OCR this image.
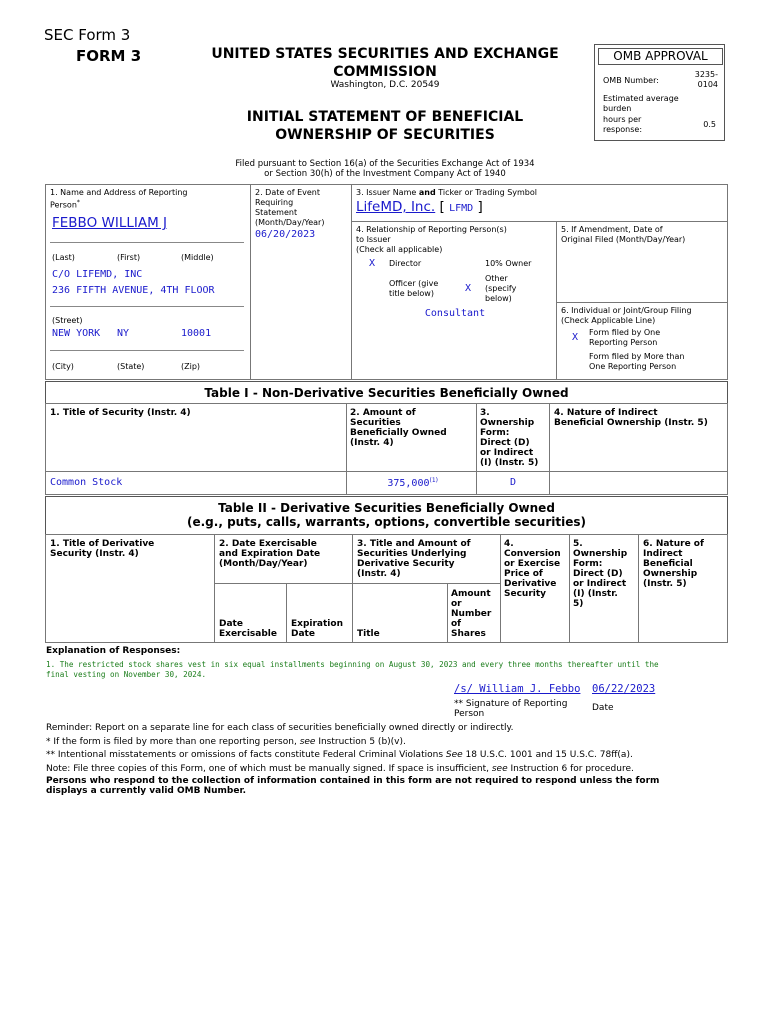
SEC Form 3
FORM 3	UNITED STATES SECURITIES AND EXCHANGE
COMMISSION
Washington, D.C. 20549
INITIAL STATEMENT OF BENEFICIAL
OWNERSHIP OF SECURITIES
OMB APPROVAL
OMB Number:
3235-
0104
Estimated average
burden
hours per
response:
0.5
Filed pursuant to Section 16(a) of the Securities Exchange Act of 1934
or Section 30(h) of the Investment Company Act of 1940
1. Name and Address of Reporting
Person*
FEBBO WILLIAM J
(Last)	(First)	(Middle)
C/O LIFEMD, INC
236 FIFTH AVENUE, 4TH FLOOR
(Street)
NEW YORK NY	10001
(City)	(State)	(Zip)
2. Date of Event
Requiring
Statement
(Month/Day/Year)
06/20/2023
3. Issuer Name and Ticker or Trading Symbol
LifeMD, Inc. [ LFMD ]
4. Relationship of Reporting Person(s)
to Issuer
(Check all applicable)
X Director	10% Owner
Officer (give
title below)	X
Other
(specify
below)
Consultant
5. If Amendment, Date of
Original Filed (Month/Day/Year)
6. Individual or Joint/Group Filing
(Check Applicable Line)
X Form filed by One
Reporting Person
Form filed by More than
One Reporting Person
Table I - Non-Derivative Securities Beneficially Owned
1. Title of Security (Instr. 4)	2. Amount of
Securities
Beneficially Owned
(Instr. 4)
3.
Ownership
Form:
Direct (D)
or Indirect
(I) (Instr. 5)
4. Nature of Indirect
Beneficial Ownership (Instr. 5)
Common Stock	375,000$^{(1)}$	D
Table II - Derivative Securities Beneficially Owned
(e.g., puts, calls, warrants, options, convertible securities)
1. Title of Derivative
Security (Instr. 4)
2. Date Exercisable
and Expiration Date
(Month/Day/Year)
Date
Exercisable
Expiration
Date
3. Title and Amount of
Securities Underlying
Derivative Security
(Instr. 4)
Title
Amount
or
Number
of
Shares
4.
Conversion
or Exercise
Price of
Derivative
Security
5.
Ownership
Form:
Direct (D)
or Indirect
(I) (Instr.
5)
6. Nature of
Indirect
Beneficial
Ownership
(Instr. 5)
Explanation of Responses:
1. The restricted stock shares vest in six equal installments beginning on August 30, 2023 and every three months thereafter until the
final vesting on November 30, 2024.
/s/ William J. Febbo 06/22/2023
** Signature of Reporting
Person
Date
Reminder: Report on a separate line for each class of securities beneficially owned directly or indirectly.
* If the form is filed by more than one reporting person, see Instruction 5 (b)(v).
** Intentional misstatements or omissions of facts constitute Federal Criminal Violations See 18 U.S.C. 1001 and 15 U.S.C. 78ff(a).
Note: File three copies of this Form, one of which must be manually signed. If space is insufficient, see Instruction 6 for procedure.
Persons who respond to the collection of information contained in this form are not required to respond unless the form
displays a currently valid OMB Number.
